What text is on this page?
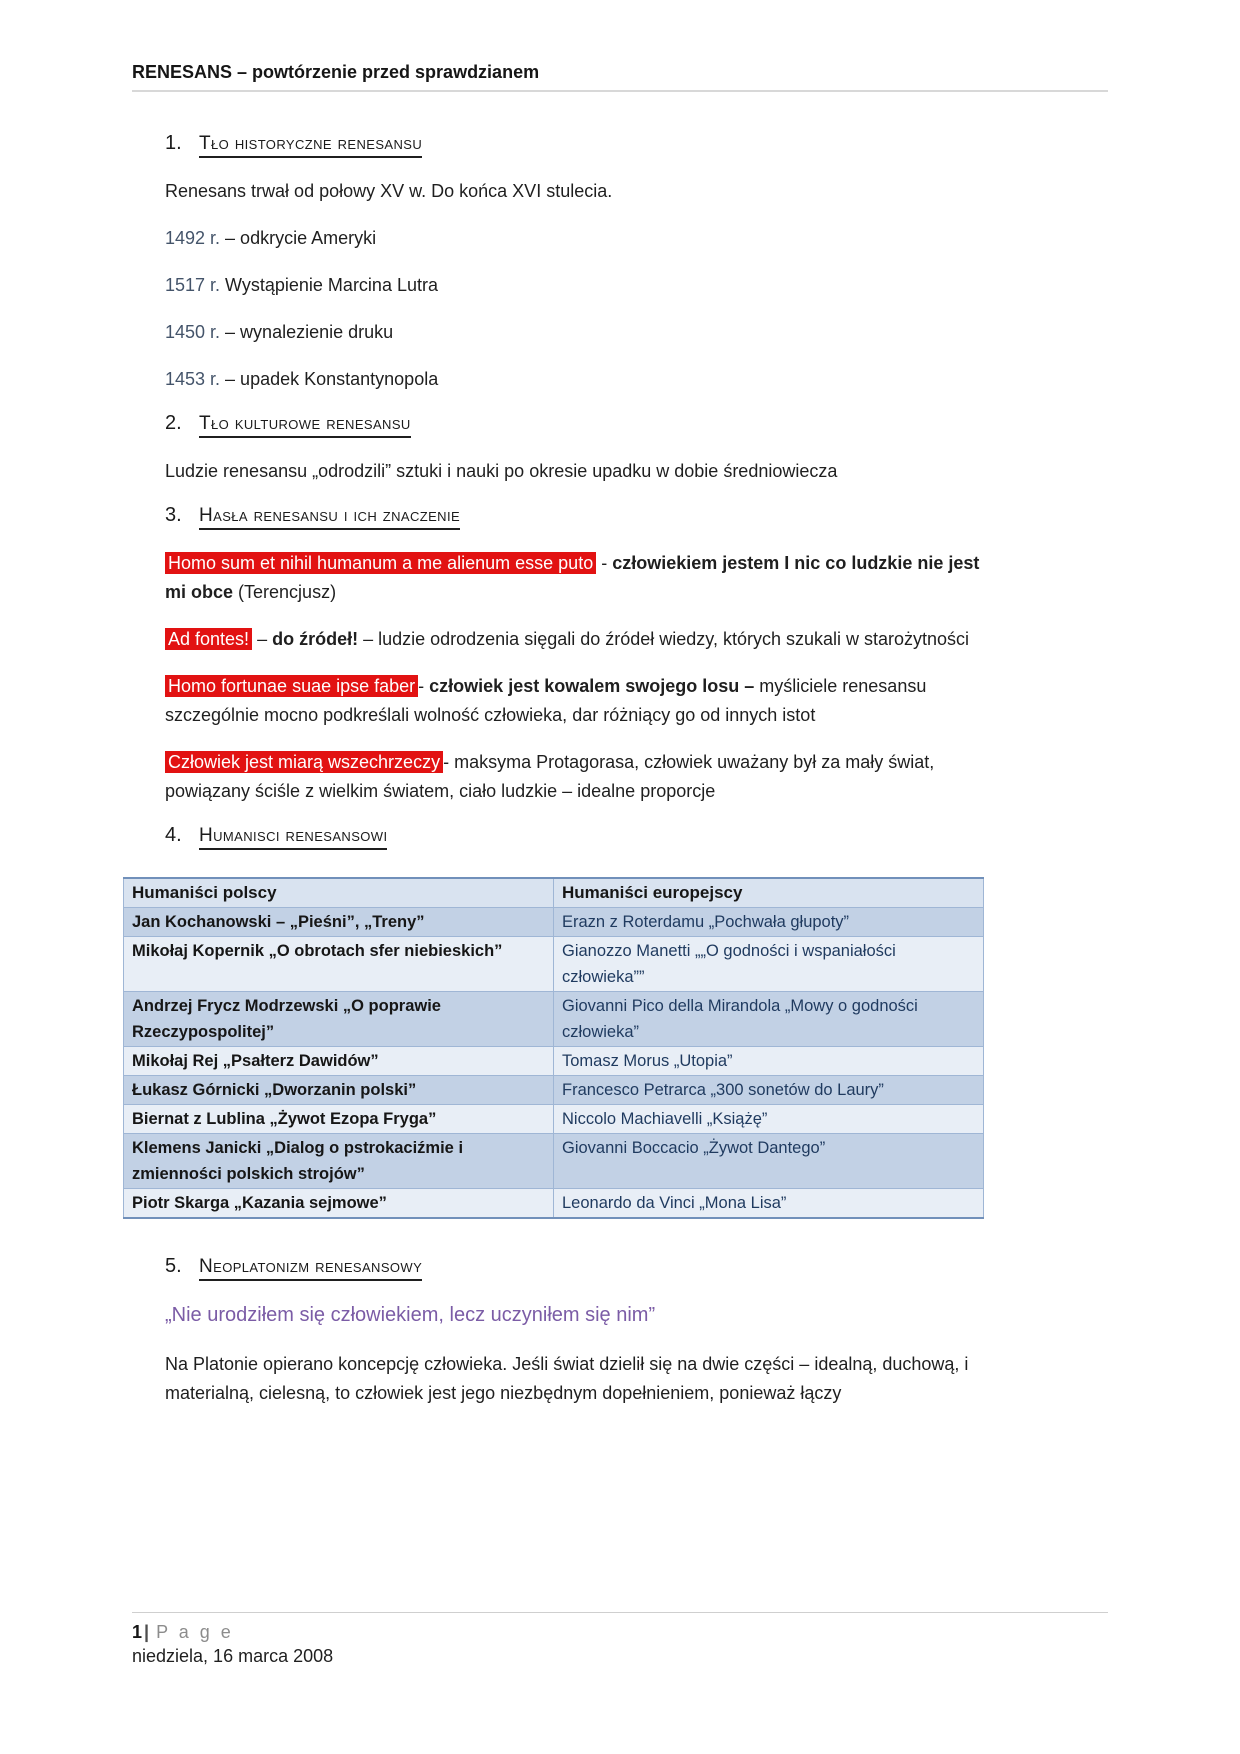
RENESANS – powtórzenie przed sprawdzianem
1. Tło historyczne renesansu

Renesans trwał od połowy XV w. Do końca XVI stulecia.

1492 r. – odkrycie Ameryki

1517 r. Wystąpienie Marcina Lutra

1450 r. – wynalezienie druku

1453 r. – upadek Konstantynopola

2. Tło kulturowe renesansu

Ludzie renesansu „odrodzili” sztuki i nauki po okresie upadku w dobie średniowiecza

3. Hasła renesansu i ich znaczenie

Homo sum et nihil humanum a me alienum esse puto - człowiekiem jestem I nic co ludzkie nie jest mi obce (Terencjusz)

Ad fontes! – do źródeł! – ludzie odrodzenia sięgali do źródeł wiedzy, których szukali w starożytności

Homo fortunae suae ipse faber - człowiek jest kowalem swojego losu – myśliciele renesansu szczególnie mocno podkreślali wolność człowieka, dar różniący go od innych istot

Człowiek jest miarą wszechrzeczy - maksyma Protagorasa, człowiek uważany był za mały świat, powiązany ściśle z wielkim światem, ciało ludzkie – idealne proporcje

4. Humanisci renesansowi
Humaniści polscy	Humaniści europejscy
Jan Kochanowski – „Pieśni”, „Treny”	Erazn z Roterdamu „Pochwała głupoty”
Mikołaj Kopernik „O obrotach sfer niebieskich”	Gianozzo Manetti „„O godności i wspaniałości człowieka””
Andrzej Frycz Modrzewski „O poprawie Rzeczypospolitej”	Giovanni Pico della Mirandola „Mowy o godności człowieka”
Mikołaj Rej „Psałterz Dawidów”	Tomasz Morus „Utopia”
Łukasz Górnicki „Dworzanin polski”	Francesco Petrarca „300 sonetów do Laury”
Biernat z Lublina „Żywot Ezopa Fryga”	Niccolo Machiavelli „Książę”
Klemens Janicki „Dialog o pstrokaciźmie i zmienności polskich strojów”	Giovanni Boccacio „Żywot Dantego”
Piotr Skarga „Kazania sejmowe”	Leonardo da Vinci „Mona Lisa”
5. Neoplatonizm renesansowy

„Nie urodziłem się człowiekiem, lecz uczyniłem się nim”

Na Platonie opierano koncepcję człowieka. Jeśli świat dzielił się na dwie części – idealną, duchową, i materialną, cielesną, to człowiek jest jego niezbędnym dopełnieniem, ponieważ łączy

1 | P a g e
niedziela, 16 marca 2008
